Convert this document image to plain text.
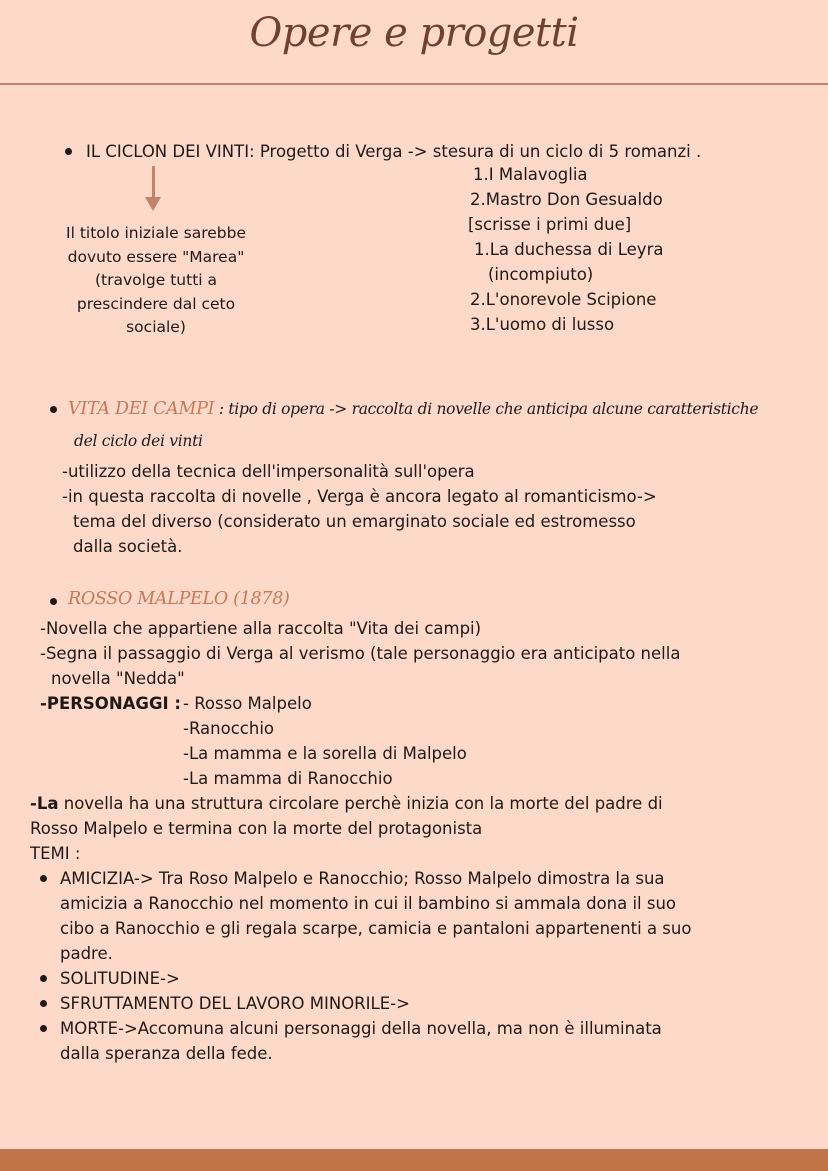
Opere e progetti
IL CICLON DEI VINTI: Progetto di Verga -> stesura di un ciclo di 5 romanzi .
Il titolo iniziale sarebbe dovuto essere "Marea" (travolge tutti a prescindere dal ceto sociale)
1.I Malavoglia
2.Mastro Don Gesualdo
[scrisse i primi due]
1.La duchessa di Leyra
(incompiuto)
2.L'onorevole Scipione
3.L'uomo di lusso
VITA DEI CAMPI : tipo di opera -> raccolta di novelle che anticipa alcune caratteristiche
del ciclo dei vinti
-utilizzo della tecnica dell'impersonalità sull'opera
-in questa raccolta di novelle , Verga è ancora legato al romanticismo->
tema del diverso (considerato un emarginato sociale ed estromesso
dalla società.
ROSSO MALPELO (1878)
-Novella che appartiene alla raccolta "Vita dei campi)
-Segna il passaggio di Verga al verismo (tale personaggio era anticipato nella
novella "Nedda"
-PERSONAGGI : - Rosso Malpelo
-Ranocchio
-La mamma e la sorella di Malpelo
-La mamma di Ranocchio
-La novella ha una struttura circolare perchè inizia con la morte del padre di
Rosso Malpelo e termina con la morte del protagonista
TEMI :
AMICIZIA-> Tra Roso Malpelo e Ranocchio; Rosso Malpelo dimostra la sua
amicizia a Ranocchio nel momento in cui il bambino si ammala dona il suo
cibo a Ranocchio e gli regala scarpe, camicia e pantaloni appartenenti a suo
padre.
SOLITUDINE->
SFRUTTAMENTO DEL LAVORO MINORILE->
MORTE->Accomuna alcuni personaggi della novella, ma non è illuminata
dalla speranza della fede.
